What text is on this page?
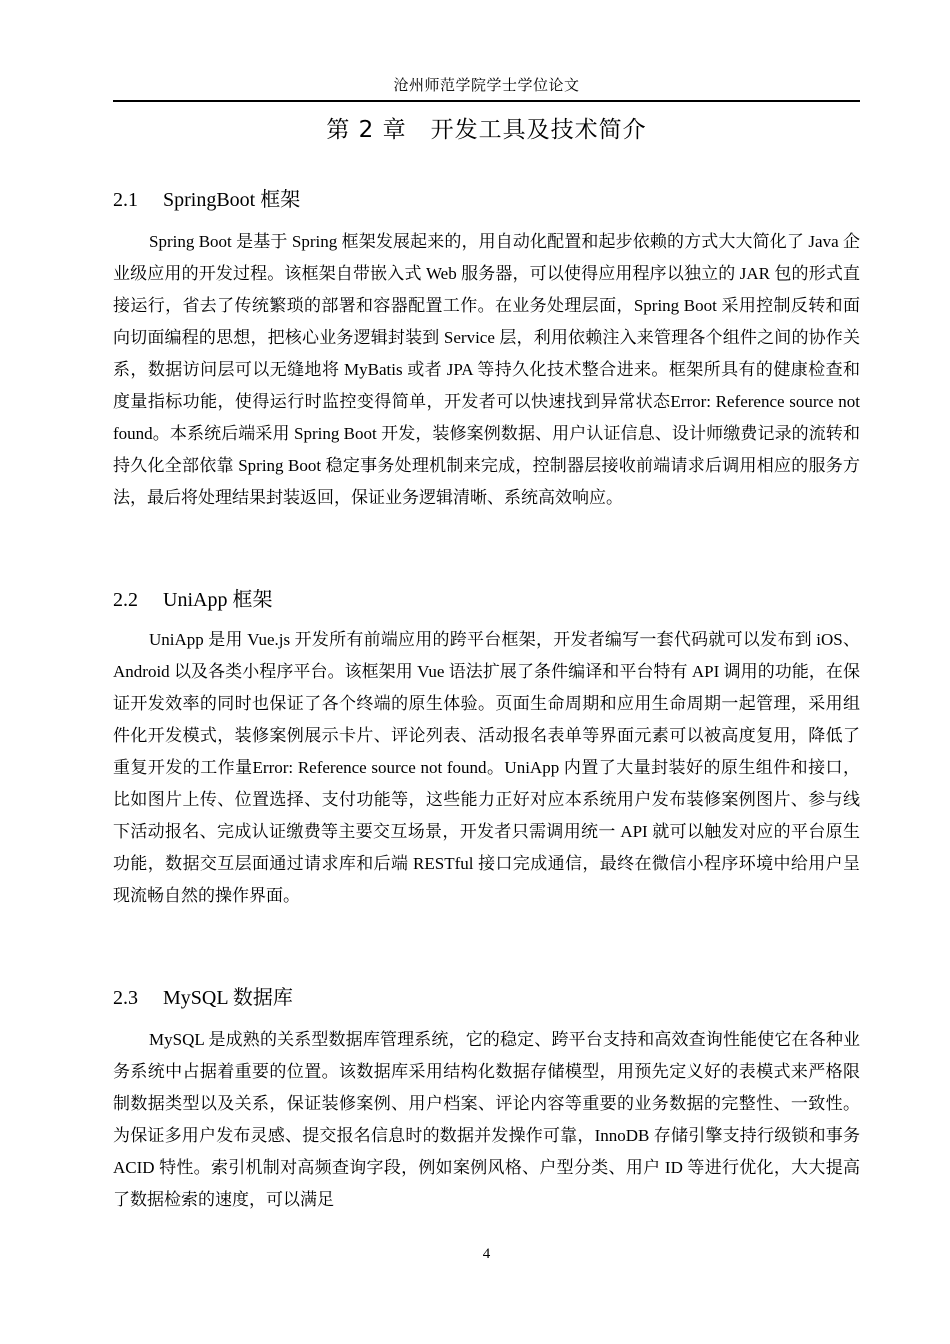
沧州师范学院学士学位论文
第 2 章 开发工具及技术简介
2.1 SpringBoot 框架

Spring Boot 是基于 Spring 框架发展起来的，用自动化配置和起步依赖的方式大大简化了 Java 企业级应用的开发过程。该框架自带嵌入式 Web 服务器，可以使得应用程序以独立的 JAR 包的形式直接运行，省去了传统繁琐的部署和容器配置工作。在业务处理层面，Spring Boot 采用控制反转和面向切面编程的思想，把核心业务逻辑封装到 Service 层，利用依赖注入来管理各个组件之间的协作关系，数据访问层可以无缝地将 MyBatis 或者 JPA 等持久化技术整合进来。框架所具有的健康检查和度量指标功能，使得运行时监控变得简单，开发者可以快速找到异常状态Error: Reference source not found。本系统后端采用 Spring Boot 开发，装修案例数据、用户认证信息、设计师缴费记录的流转和持久化全部依靠 Spring Boot 稳定事务处理机制来完成，控制器层接收前端请求后调用相应的服务方法，最后将处理结果封装返回，保证业务逻辑清晰、系统高效响应。

2.2 UniApp 框架

UniApp 是用 Vue.js 开发所有前端应用的跨平台框架，开发者编写一套代码就可以发布到 iOS、Android 以及各类小程序平台。该框架用 Vue 语法扩展了条件编译和平台特有 API 调用的功能，在保证开发效率的同时也保证了各个终端的原生体验。页面生命周期和应用生命周期一起管理，采用组件化开发模式，装修案例展示卡片、评论列表、活动报名表单等界面元素可以被高度复用，降低了重复开发的工作量Error: Reference source not found。UniApp 内置了大量封装好的原生组件和接口，比如图片上传、位置选择、支付功能等，这些能力正好对应本系统用户发布装修案例图片、参与线下活动报名、完成认证缴费等主要交互场景，开发者只需调用统一 API 就可以触发对应的平台原生功能，数据交互层面通过请求库和后端 RESTful 接口完成通信，最终在微信小程序环境中给用户呈现流畅自然的操作界面。

2.3 MySQL 数据库

MySQL 是成熟的关系型数据库管理系统，它的稳定、跨平台支持和高效查询性能使它在各种业务系统中占据着重要的位置。该数据库采用结构化数据存储模型，用预先定义好的表模式来严格限制数据类型以及关系，保证装修案例、用户档案、评论内容等重要的业务数据的完整性、一致性。为保证多用户发布灵感、提交报名信息时的数据并发操作可靠，InnoDB 存储引擎支持行级锁和事务 ACID 特性。索引机制对高频查询字段，例如案例风格、户型分类、用户 ID 等进行优化，大大提高了数据检索的速度，可以满足

4
